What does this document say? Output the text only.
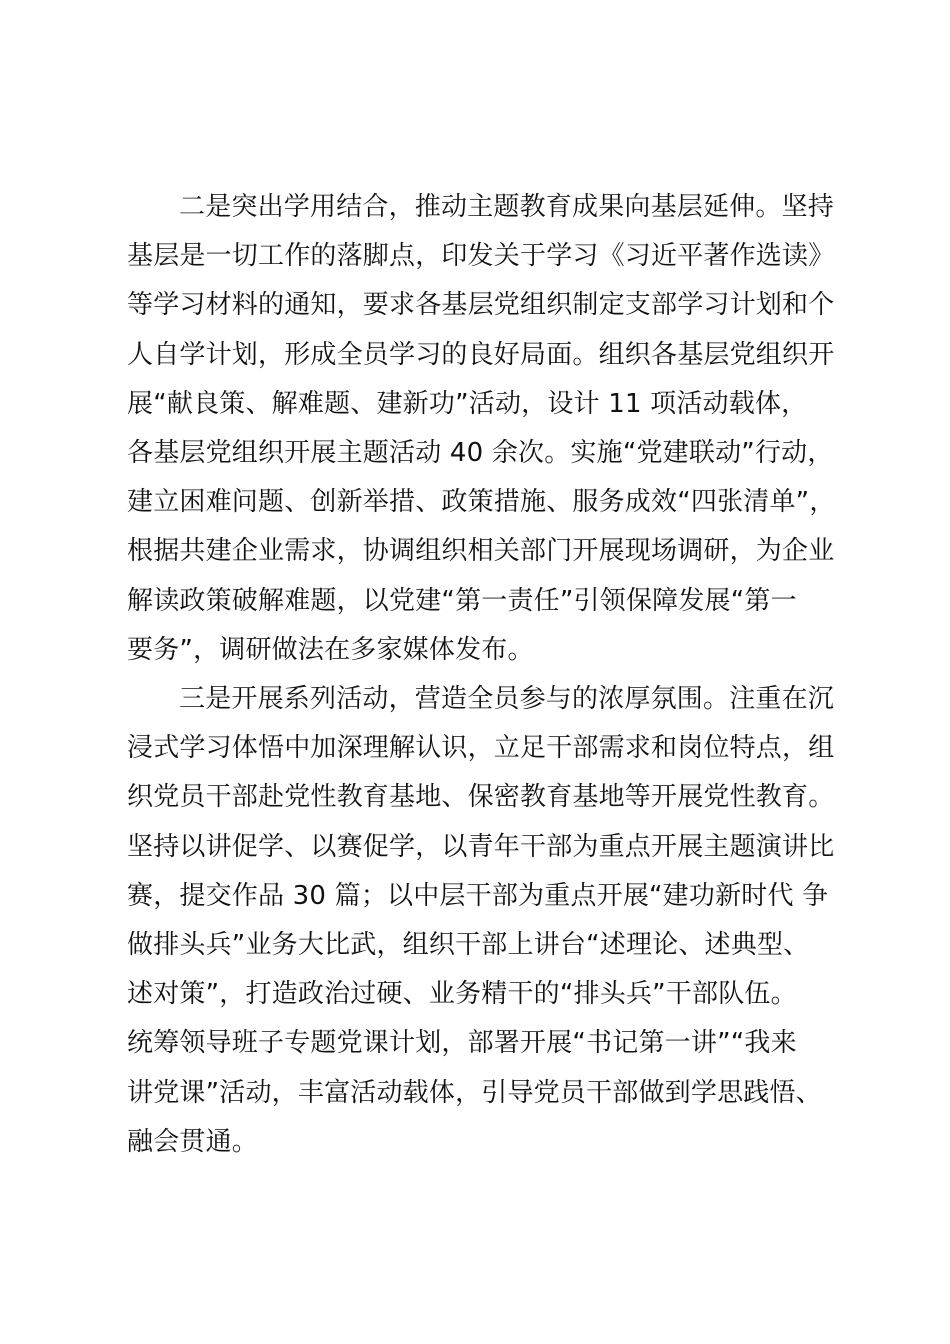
二是突出学用结合，推动主题教育成果向基层延伸。坚持
基层是一切工作的落脚点，印发关于学习《习近平著作选读》
等学习材料的通知，要求各基层党组织制定支部学习计划和个
人自学计划，形成全员学习的良好局面。组织各基层党组织开
展“献良策、解难题、建新功”活动，设计 11 项活动载体，
各基层党组织开展主题活动 40 余次。实施“党建联动”行动，
建立困难问题、创新举措、政策措施、服务成效“四张清单”，
根据共建企业需求，协调组织相关部门开展现场调研，为企业
解读政策破解难题，以党建“第一责任”引领保障发展“第一
要务”，调研做法在多家媒体发布。

三是开展系列活动，营造全员参与的浓厚氛围。注重在沉
浸式学习体悟中加深理解认识，立足干部需求和岗位特点，组
织党员干部赴党性教育基地、保密教育基地等开展党性教育。
坚持以讲促学、以赛促学，以青年干部为重点开展主题演讲比
赛，提交作品 30 篇；以中层干部为重点开展“建功新时代 争
做排头兵”业务大比武，组织干部上讲台“述理论、述典型、
述对策”，打造政治过硬、业务精干的“排头兵”干部队伍。
统筹领导班子专题党课计划，部署开展“书记第一讲”“我来
讲党课”活动，丰富活动载体，引导党员干部做到学思践悟、
融会贯通。
